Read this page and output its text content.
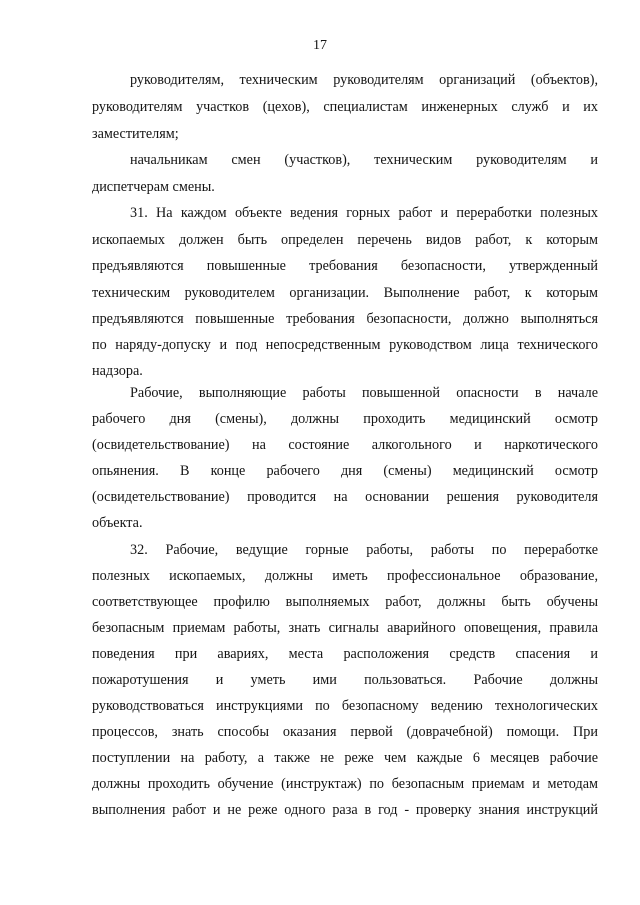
17
руководителям, техническим руководителям организаций (объектов),
руководителям участков (цехов), специалистам инженерных служб и их
заместителям;
начальникам смен (участков), техническим руководителям и
диспетчерам смены.
31. На каждом объекте ведения горных работ и переработки полезных
ископаемых должен быть определен перечень видов работ, к которым
предъявляются повышенные требования безопасности, утвержденный
техническим руководителем организации. Выполнение работ, к которым
предъявляются повышенные требования безопасности, должно выполняться
по наряду-допуску и под непосредственным руководством лица технического
надзора.
Рабочие, выполняющие работы повышенной опасности в начале
рабочего дня (смены), должны проходить медицинский осмотр
(освидетельствование) на состояние алкогольного и наркотического
опьянения. В конце рабочего дня (смены) медицинский осмотр
(освидетельствование) проводится на основании решения руководителя
объекта.
32. Рабочие, ведущие горные работы, работы по переработке
полезных ископаемых, должны иметь профессиональное образование,
соответствующее профилю выполняемых работ, должны быть обучены
безопасным приемам работы, знать сигналы аварийного оповещения, правила
поведения при авариях, места расположения средств спасения и
пожаротушения и уметь ими пользоваться. Рабочие должны
руководствоваться инструкциями по безопасному ведению технологических
процессов, знать способы оказания первой (доврачебной) помощи. При
поступлении на работу, а также не реже чем каждые 6 месяцев рабочие
должны проходить обучение (инструктаж) по безопасным приемам и методам
выполнения работ и не реже одного раза в год - проверку знания инструкций
